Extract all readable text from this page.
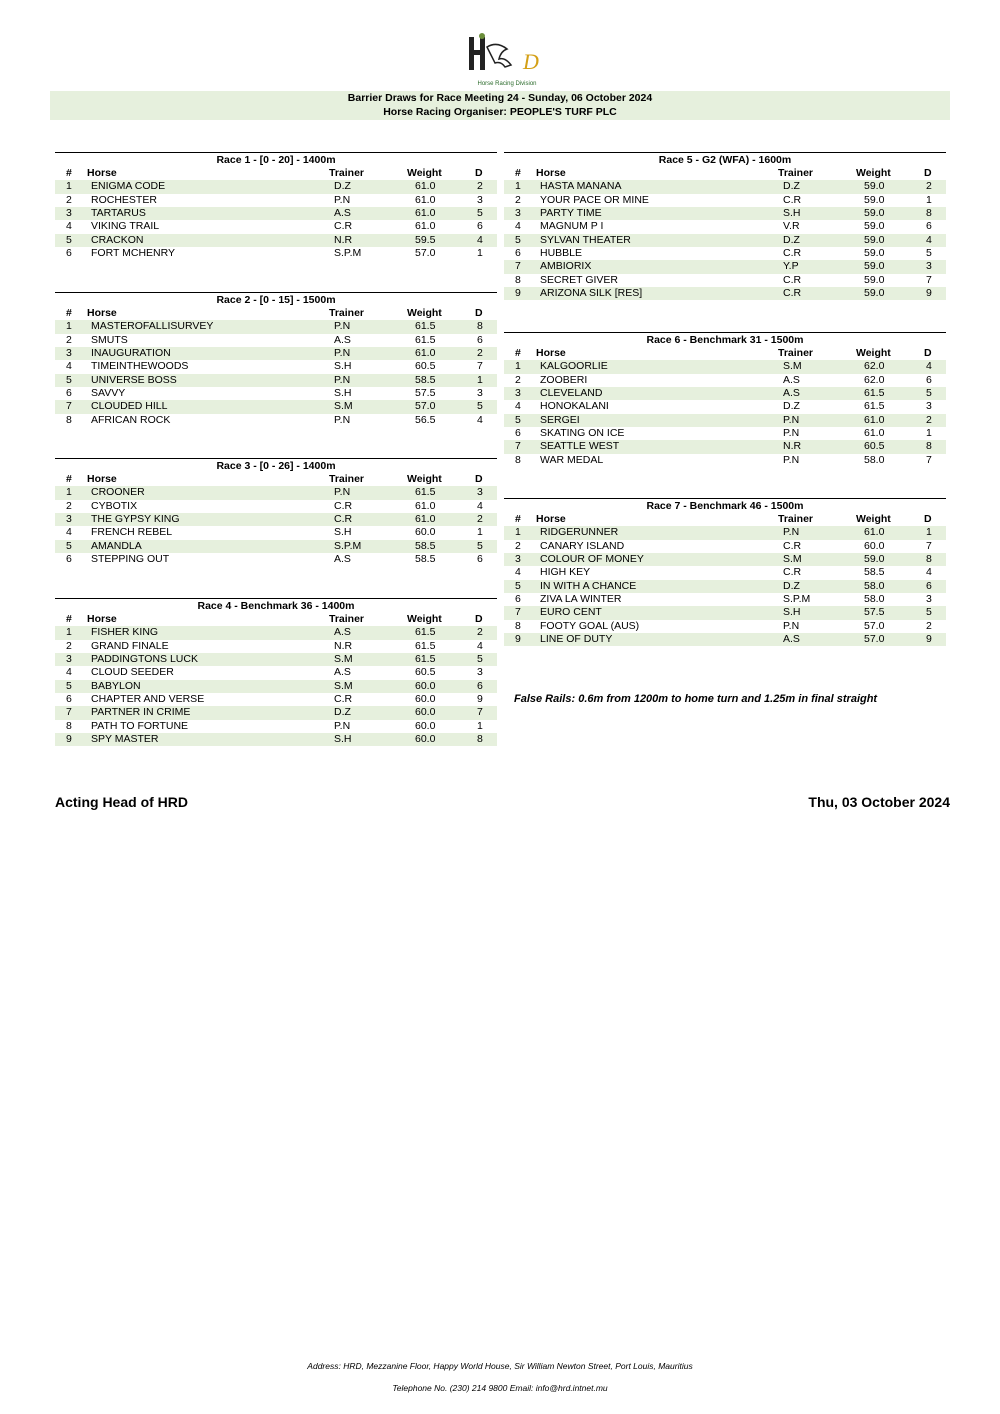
D
Horse Racing Division
Barrier Draws for Race Meeting 24 - Sunday, 06 October 2024
Horse Racing Organiser: PEOPLE'S TURF PLC
Race 1 - [0 - 20] - 1400m
#	Horse	Trainer	Weight	D
1	ENIGMA CODE	D.Z	61.0	2
2	ROCHESTER	P.N	61.0	3
3	TARTARUS	A.S	61.0	5
4	VIKING TRAIL	C.R	61.0	6
5	CRACKON	N.R	59.5	4
6	FORT MCHENRY	S.P.M	57.0	1
Race 2 - [0 - 15] - 1500m
#	Horse	Trainer	Weight	D
1	MASTEROFALLISURVEY	P.N	61.5	8
2	SMUTS	A.S	61.5	6
3	INAUGURATION	P.N	61.0	2
4	TIMEINTHEWOODS	S.H	60.5	7
5	UNIVERSE BOSS	P.N	58.5	1
6	SAVVY	S.H	57.5	3
7	CLOUDED HILL	S.M	57.0	5
8	AFRICAN ROCK	P.N	56.5	4
Race 3 - [0 - 26] - 1400m
#	Horse	Trainer	Weight	D
1	CROONER	P.N	61.5	3
2	CYBOTIX	C.R	61.0	4
3	THE GYPSY KING	C.R	61.0	2
4	FRENCH REBEL	S.H	60.0	1
5	AMANDLA	S.P.M	58.5	5
6	STEPPING OUT	A.S	58.5	6
Race 4 - Benchmark 36 - 1400m
#	Horse	Trainer	Weight	D
1	FISHER KING	A.S	61.5	2
2	GRAND FINALE	N.R	61.5	4
3	PADDINGTONS LUCK	S.M	61.5	5
4	CLOUD SEEDER	A.S	60.5	3
5	BABYLON	S.M	60.0	6
6	CHAPTER AND VERSE	C.R	60.0	9
7	PARTNER IN CRIME	D.Z	60.0	7
8	PATH TO FORTUNE	P.N	60.0	1
9	SPY MASTER	S.H	60.0	8
Race 5 - G2 (WFA) - 1600m
#	Horse	Trainer	Weight	D
1	HASTA MANANA	D.Z	59.0	2
2	YOUR PACE OR MINE	C.R	59.0	1
3	PARTY TIME	S.H	59.0	8
4	MAGNUM P I	V.R	59.0	6
5	SYLVAN THEATER	D.Z	59.0	4
6	HUBBLE	C.R	59.0	5
7	AMBIORIX	Y.P	59.0	3
8	SECRET GIVER	C.R	59.0	7
9	ARIZONA SILK [RES]	C.R	59.0	9
Race 6 - Benchmark 31 - 1500m
#	Horse	Trainer	Weight	D
1	KALGOORLIE	S.M	62.0	4
2	ZOOBERI	A.S	62.0	6
3	CLEVELAND	A.S	61.5	5
4	HONOKALANI	D.Z	61.5	3
5	SERGEI	P.N	61.0	2
6	SKATING ON ICE	P.N	61.0	1
7	SEATTLE WEST	N.R	60.5	8
8	WAR MEDAL	P.N	58.0	7
Race 7 - Benchmark 46 - 1500m
#	Horse	Trainer	Weight	D
1	RIDGERUNNER	P.N	61.0	1
2	CANARY ISLAND	C.R	60.0	7
3	COLOUR OF MONEY	S.M	59.0	8
4	HIGH KEY	C.R	58.5	4
5	IN WITH A CHANCE	D.Z	58.0	6
6	ZIVA LA WINTER	S.P.M	58.0	3
7	EURO CENT	S.H	57.5	5
8	FOOTY GOAL (AUS)	P.N	57.0	2
9	LINE OF DUTY	A.S	57.0	9
False Rails: 0.6m from 1200m to home turn and 1.25m in final straight
Acting Head of HRD	Thu, 03 October 2024
Address: HRD, Mezzanine Floor, Happy World House, Sir William Newton Street, Port Louis, Mauritius
Telephone No. (230) 214 9800 Email: info@hrd.intnet.mu
